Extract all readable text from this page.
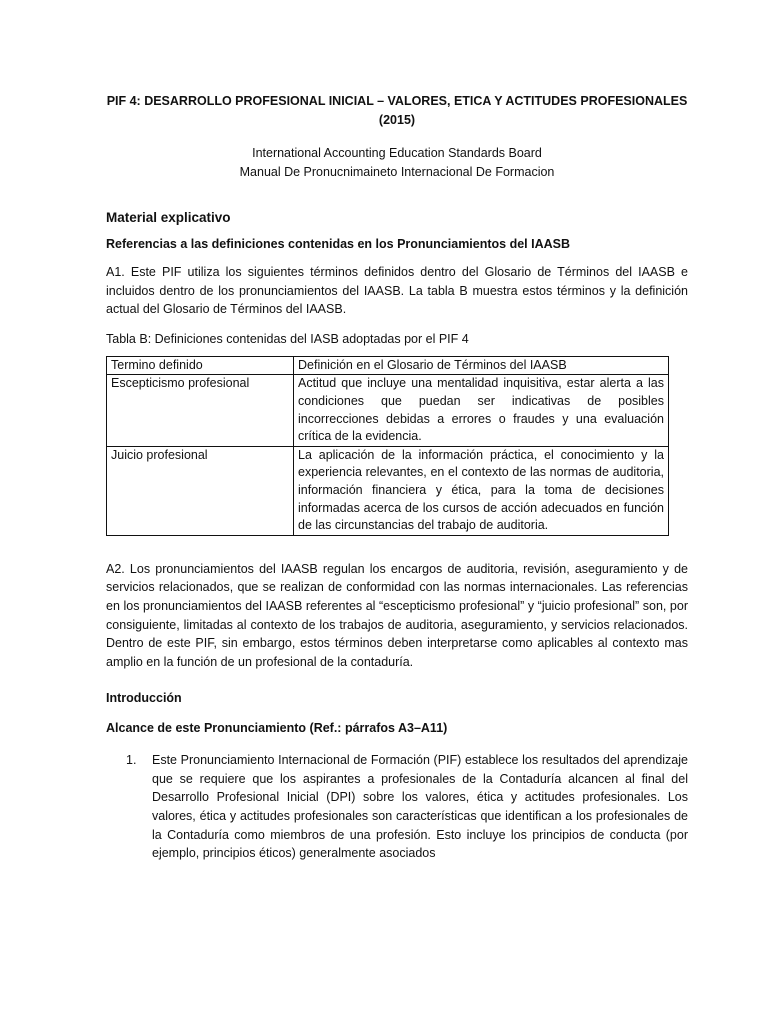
PIF 4: DESARROLLO PROFESIONAL INICIAL – VALORES, ETICA Y ACTITUDES PROFESIONALES (2015)

International Accounting Education Standards Board
Manual De Pronucnimaineto Internacional De Formacion

Material explicativo

Referencias a las definiciones contenidas en los Pronunciamientos del IAASB

A1. Este PIF utiliza los siguientes términos definidos dentro del Glosario de Términos del IAASB e incluidos dentro de los pronunciamientos del IAASB. La tabla B muestra estos términos y la definición actual del Glosario de Términos del IAASB.

Tabla B: Definiciones contenidas del IASB adoptadas por el PIF 4

Termino definido	Definición en el Glosario de Términos del IAASB
Escepticismo profesional	Actitud que incluye una mentalidad inquisitiva, estar alerta a las condiciones que puedan ser indicativas de posibles incorrecciones debidas a errores o fraudes y una evaluación crítica de la evidencia.
Juicio profesional	La aplicación de la información práctica, el conocimiento y la experiencia relevantes, en el contexto de las normas de auditoria, información financiera y ética, para la toma de decisiones informadas acerca de los cursos de acción adecuados en función de las circunstancias del trabajo de auditoria.

A2. Los pronunciamientos del IAASB regulan los encargos de auditoria, revisión, aseguramiento y de servicios relacionados, que se realizan de conformidad con las normas internacionales. Las referencias en los pronunciamientos del IAASB referentes al “escepticismo profesional” y “juicio profesional” son, por consiguiente, limitadas al contexto de los trabajos de auditoria, aseguramiento, y servicios relacionados. Dentro de este PIF, sin embargo, estos términos deben interpretarse como aplicables al contexto mas amplio en la función de un profesional de la contaduría.

Introducción

Alcance de este Pronunciamiento (Ref.: párrafos A3–A11)

1.	Este Pronunciamiento Internacional de Formación (PIF) establece los resultados del aprendizaje que se requiere que los aspirantes a profesionales de la Contaduría alcancen al final del Desarrollo Profesional Inicial (DPI) sobre los valores, ética y actitudes profesionales. Los valores, ética y actitudes profesionales son características que identifican a los profesionales de la Contaduría como miembros de una profesión. Esto incluye los principios de conducta (por ejemplo, principios éticos) generalmente asociados
